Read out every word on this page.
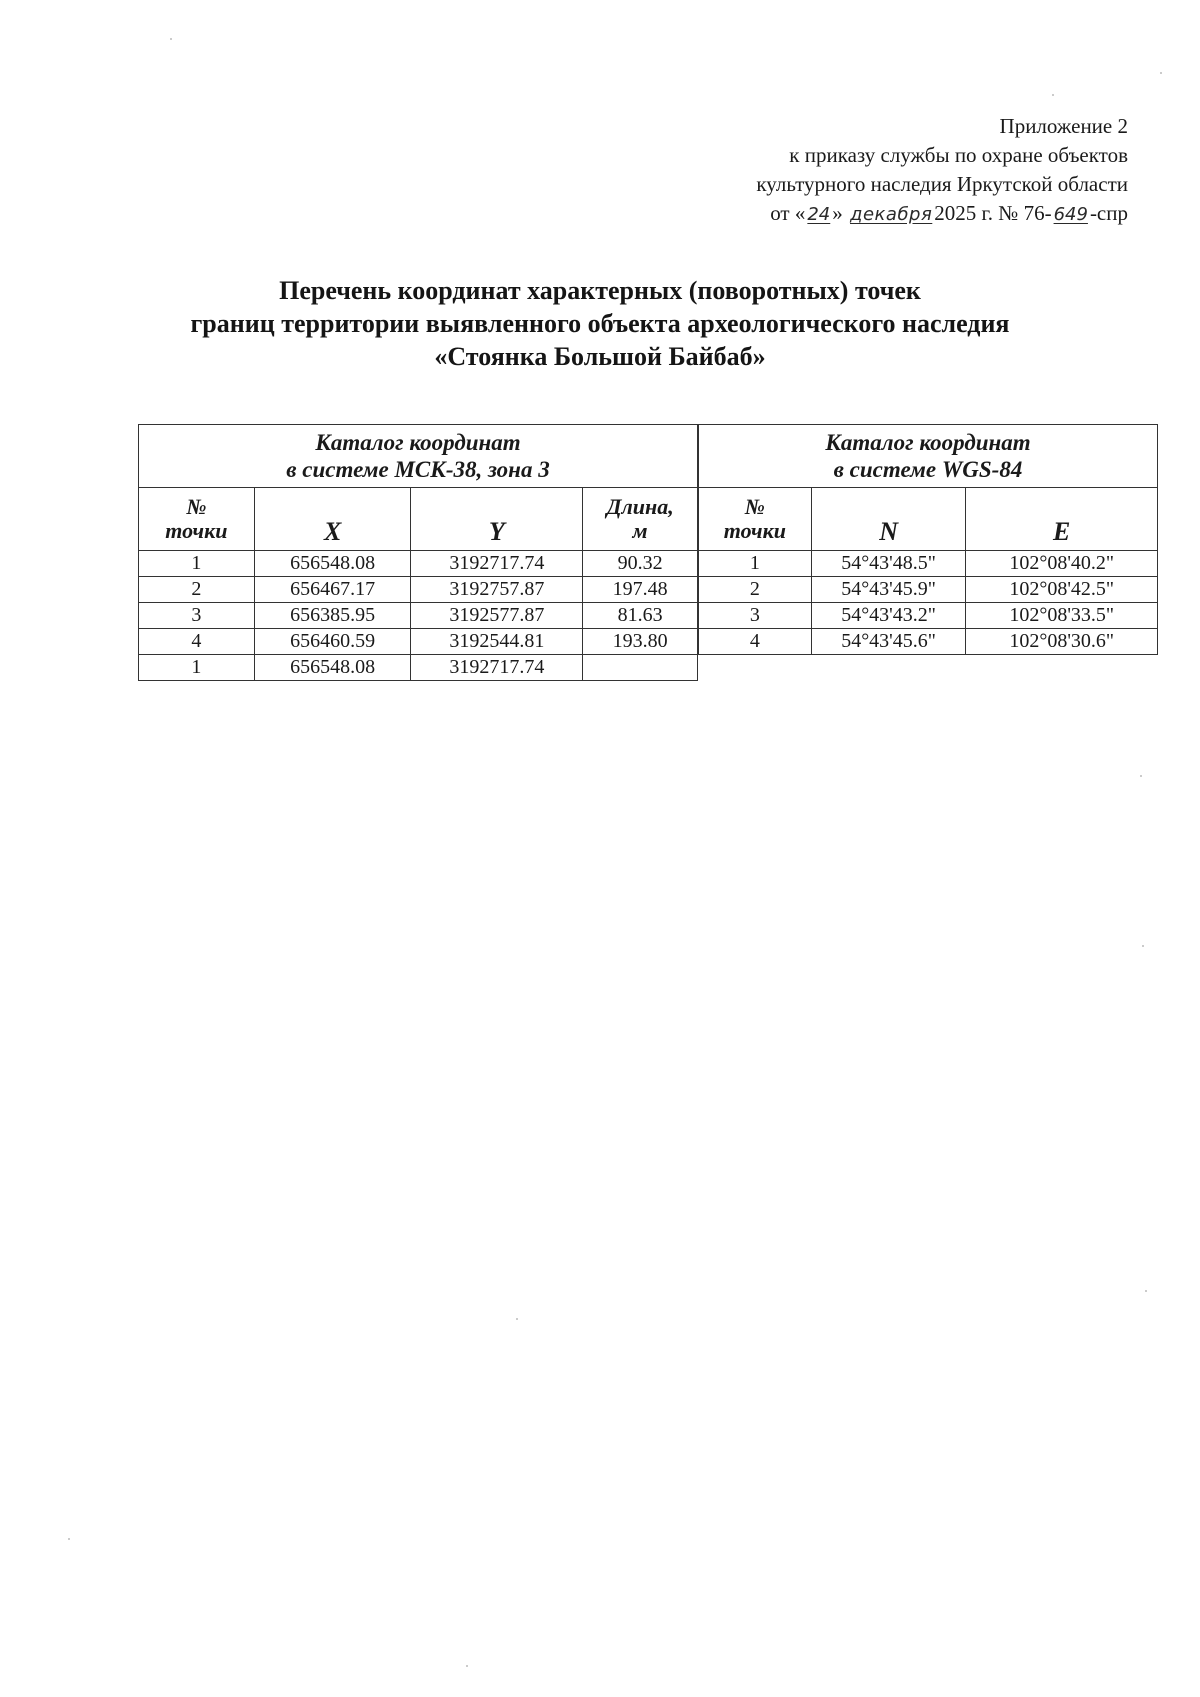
Приложение 2
к приказу службы по охране объектов
культурного наследия Иркутской области
от « 24» декабря2025 г. № 76- 649-спр
Перечень координат характерных (поворотных) точек
границ территории выявленного объекта археологического наследия
«Стоянка Большой Байбаб»
Каталог координат
в системе МСК-38, зона 3			

№
точки	X	Y	Длина,
м

1	656548.08	3192717.74	90.32
2	656467.17	3192757.87	197.48
3	656385.95	3192577.87	81.63
4	656460.59	3192544.81	193.80
1	656548.08	3192717.74	
Каталог координат
в системе WGS-84		

№
точки	N	E
1	54°43'48.5"	102°08'40.2"
2	54°43'45.9"	102°08'42.5"
3	54°43'43.2"	102°08'33.5"
4	54°43'45.6"	102°08'30.6"
